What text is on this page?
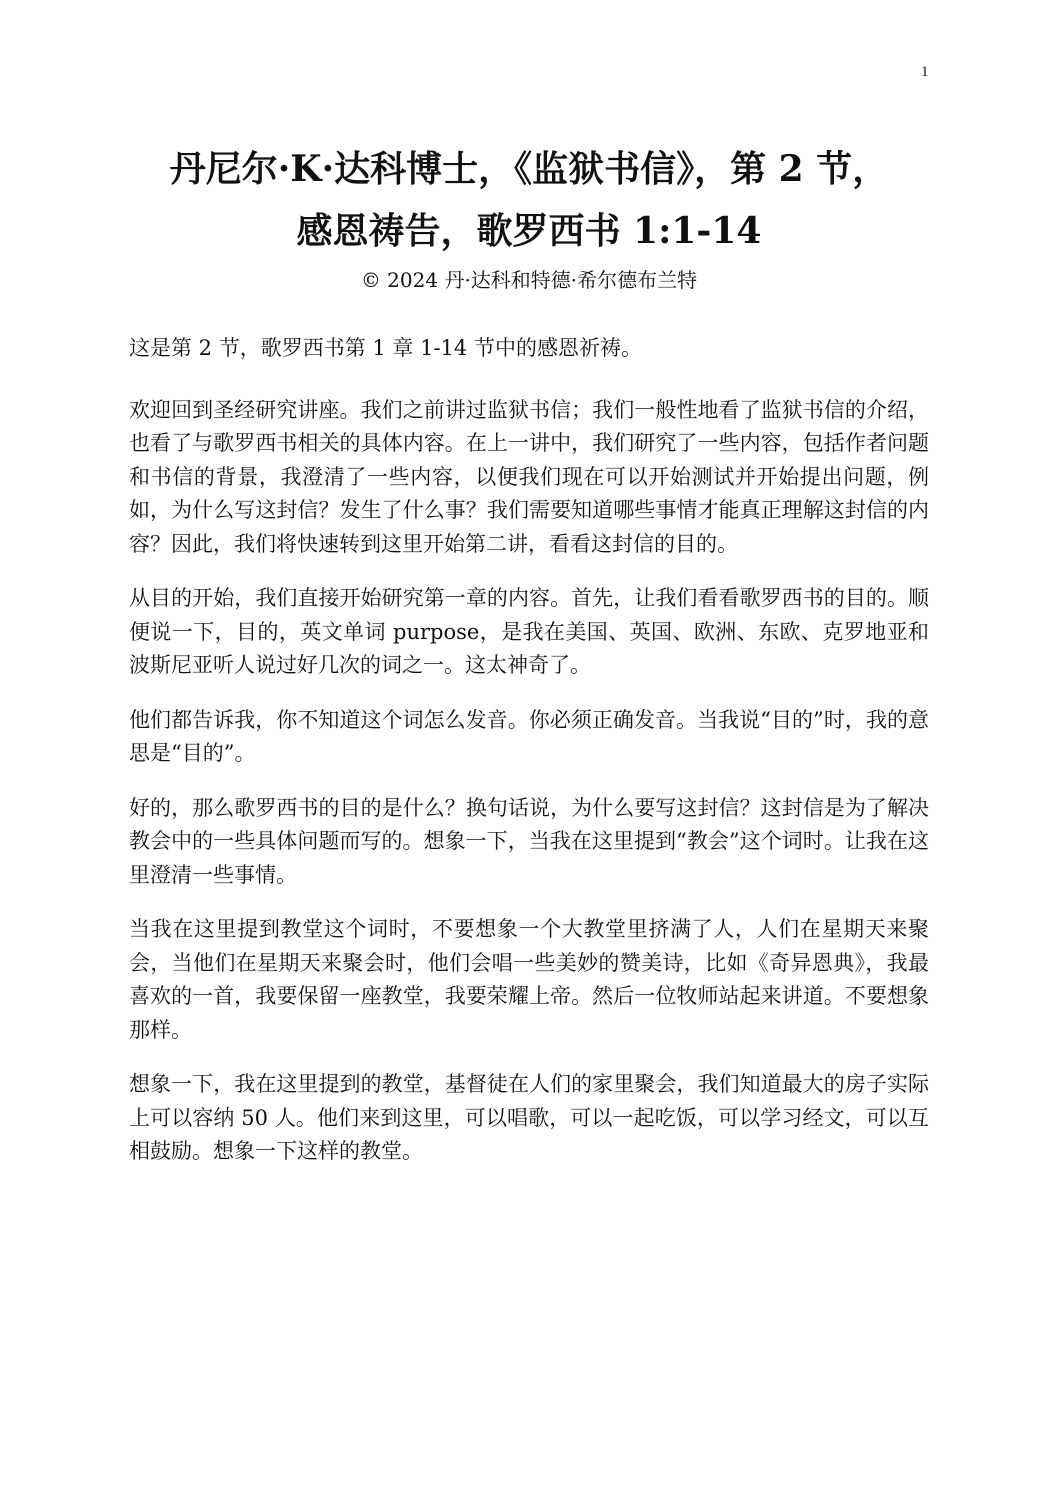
1
丹尼尔·K·达科博士，《监狱书信》，第 2 节，
感恩祷告，歌罗西书 1:1-14
© 2024 丹·达科和特德·希尔德布兰特

这是第 2 节，歌罗西书第 1 章 1-14 节中的感恩祈祷。

欢迎回到圣经研究讲座。我们之前讲过监狱书信；我们一般性地看了监狱书信的介绍，也看了与歌罗西书相关的具体内容。在上一讲中，我们研究了一些内容，包括作者问题和书信的背景，我澄清了一些内容，以便我们现在可以开始测试并开始提出问题，例如，为什么写这封信？发生了什么事？我们需要知道哪些事情才能真正理解这封信的内容？因此，我们将快速转到这里开始第二讲，看看这封信的目的。

从目的开始，我们直接开始研究第一章的内容。首先，让我们看看歌罗西书的目的。顺便说一下，目的，英文单词 purpose，是我在美国、英国、欧洲、东欧、克罗地亚和波斯尼亚听人说过好几次的词之一。这太神奇了。

他们都告诉我，你不知道这个词怎么发音。你必须正确发音。当我说“目的”时，我的意思是“目的”。

好的，那么歌罗西书的目的是什么？换句话说，为什么要写这封信？这封信是为了解决教会中的一些具体问题而写的。想象一下，当我在这里提到“教会”这个词时。让我在这里澄清一些事情。

当我在这里提到教堂这个词时，不要想象一个大教堂里挤满了人，人们在星期天来聚会，当他们在星期天来聚会时，他们会唱一些美妙的赞美诗，比如《奇异恩典》，我最喜欢的一首，我要保留一座教堂，我要荣耀上帝。然后一位牧师站起来讲道。不要想象那样。

想象一下，我在这里提到的教堂，基督徒在人们的家里聚会，我们知道最大的房子实际上可以容纳 50 人。他们来到这里，可以唱歌，可以一起吃饭，可以学习经文，可以互相鼓励。想象一下这样的教堂。
